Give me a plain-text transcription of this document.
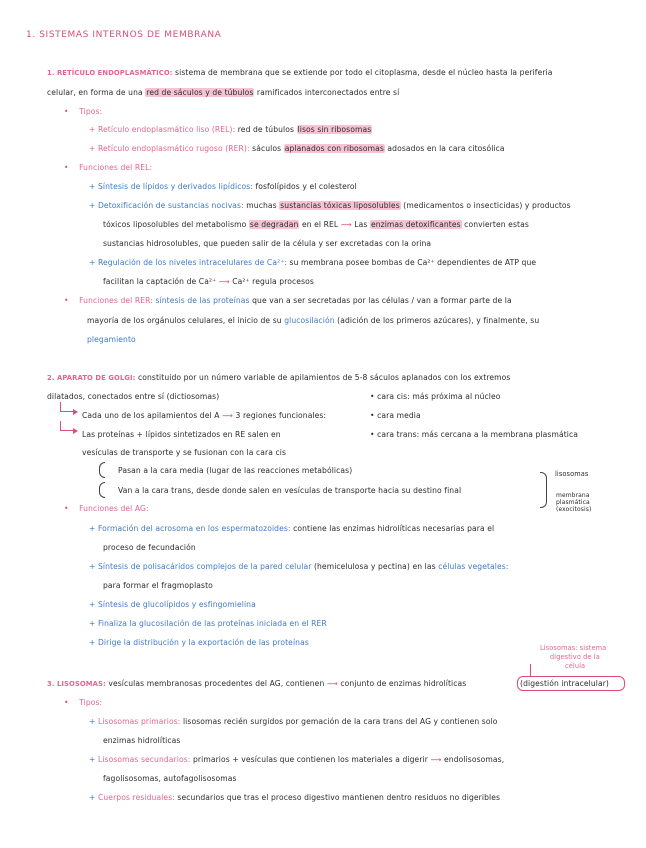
1. SISTEMAS INTERNOS DE MEMBRANA
1. RETÍCULO ENDOPLASMÁTICO: sistema de membrana que se extiende por todo el citoplasma, desde el núcleo hasta la periferia
celular, en forma de una red de sáculos y de túbulos ramificados interconectados entre sí
• Tipos:
+ Retículo endoplasmático liso (REL): red de túbulos lisos sin ribosomas
+ Retículo endoplasmático rugoso (RER): sáculos aplanados con ribosomas adosados en la cara citosólica
• Funciones del REL:
+ Síntesis de lípidos y derivados lipídicos: fosfolípidos y el colesterol
+ Detoxificación de sustancias nocivas: muchas sustancias tóxicas liposolubles (medicamentos o insecticidas) y productos
tóxicos liposolubles del metabolismo se degradan en el REL ⟿ Las enzimas detoxificantes convierten estas
sustancias hidrosolubles, que pueden salir de la célula y ser excretadas con la orina
+ Regulación de los niveles intracelulares de Ca²⁺: su membrana posee bombas de Ca²⁺ dependientes de ATP que
facilitan la captación de Ca²⁺ ⟿ Ca²⁺ regula procesos
• Funciones del RER: síntesis de las proteínas que van a ser secretadas por las células / van a formar parte de la
mayoría de los orgánulos celulares, el inicio de su glucosilación (adición de los primeros azúcares), y finalmente, su
plegamiento
2. APARATO DE GOLGI: constituido por un número variable de apilamientos de 5-8 sáculos aplanados con los extremos
dilatados, conectados entre sí (dictiosomas)	• cara cis: más próxima al núcleo
Cada uno de los apilamientos del A ⟿ 3 regiones funcionales:	• cara media
Las proteínas + lípidos sintetizados en RE salen en	• cara trans: más cercana a la membrana plasmática
vesículas de transporte y se fusionan con la cara cis
Pasan a la cara media (lugar de las reacciones metabólicas)
Van a la cara trans, desde donde salen en vesículas de transporte hacia su destino final
lisosomas
membrana
plasmática
(exocitosis)
• Funciones del AG:
+ Formación del acrosoma en los espermatozoides: contiene las enzimas hidrolíticas necesarias para el
proceso de fecundación
+ Síntesis de polisacáridos complejos de la pared celular (hemicelulosa y pectina) en las células vegetales:
para formar el fragmoplasto
+ Síntesis de glucolípidos y esfingomielina
+ Finaliza la glucosilación de las proteínas iniciada en el RER
+ Dirige la distribución y la exportación de las proteínas
Lisosomas: sistema
digestivo de la
célula
3. LISOSOMAS: vesículas membranosas procedentes del AG, contienen ⟿ conjunto de enzimas hidrolíticas	(digestión intracelular)
• Tipos:
+ Lisosomas primarios: lisosomas recién surgidos por gemación de la cara trans del AG y contienen solo
enzimas hidrolíticas
+ Lisosomas secundarios: primarios + vesículas que contienen los materiales a digerir ⟿ endolisosomas,
fagolisosomas, autofagolisosomas
+ Cuerpos residuales: secundarios que tras el proceso digestivo mantienen dentro residuos no digeribles
